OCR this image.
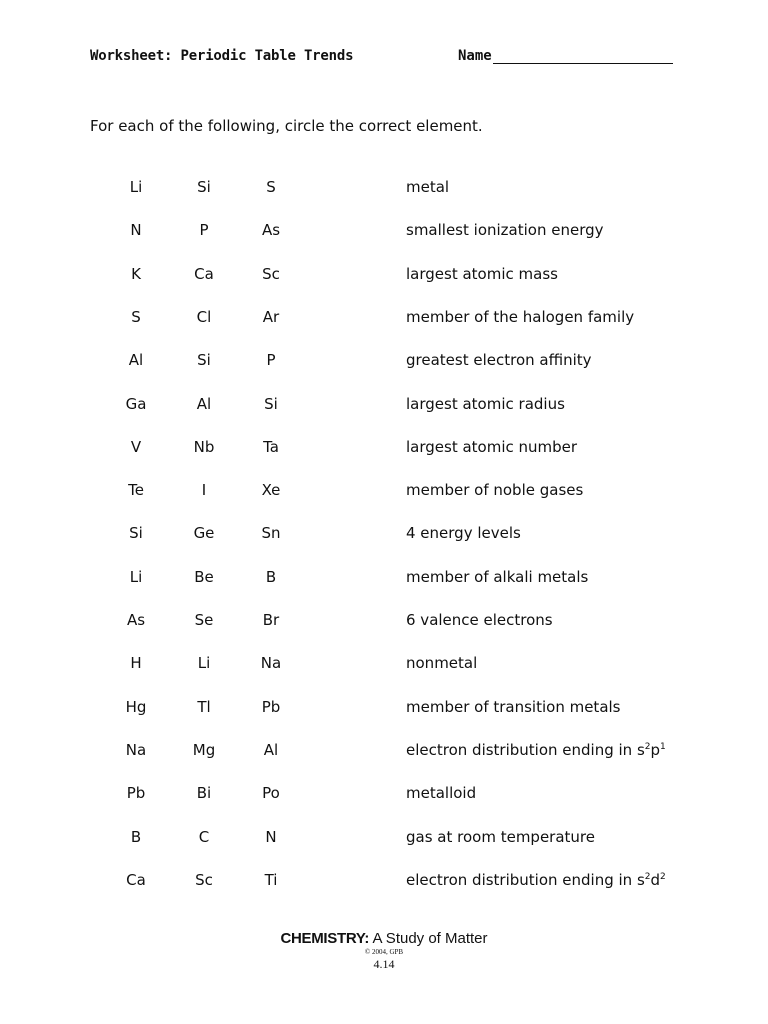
Worksheet: Periodic Table Trends	Name
For each of the following, circle the correct element.
Li	Si	S	metal
N	P	As	smallest ionization energy
K	Ca	Sc	largest atomic mass
S	Cl	Ar	member of the halogen family
Al	Si	P	greatest electron affinity
Ga	Al	Si	largest atomic radius
V	Nb	Ta	largest atomic number
Te	I	Xe	member of noble gases
Si	Ge	Sn	4 energy levels
Li	Be	B	member of alkali metals
As	Se	Br	6 valence electrons
H	Li	Na	nonmetal
Hg	Tl	Pb	member of transition metals
Na	Mg	Al	electron distribution ending in $s^2p^1$
Pb	Bi	Po	metalloid
B	C	N	gas at room temperature
Ca	Sc	Ti	electron distribution ending in $s^2d^2$
CHEMISTRY: A Study of Matter
© 2004, GPB
4.14
